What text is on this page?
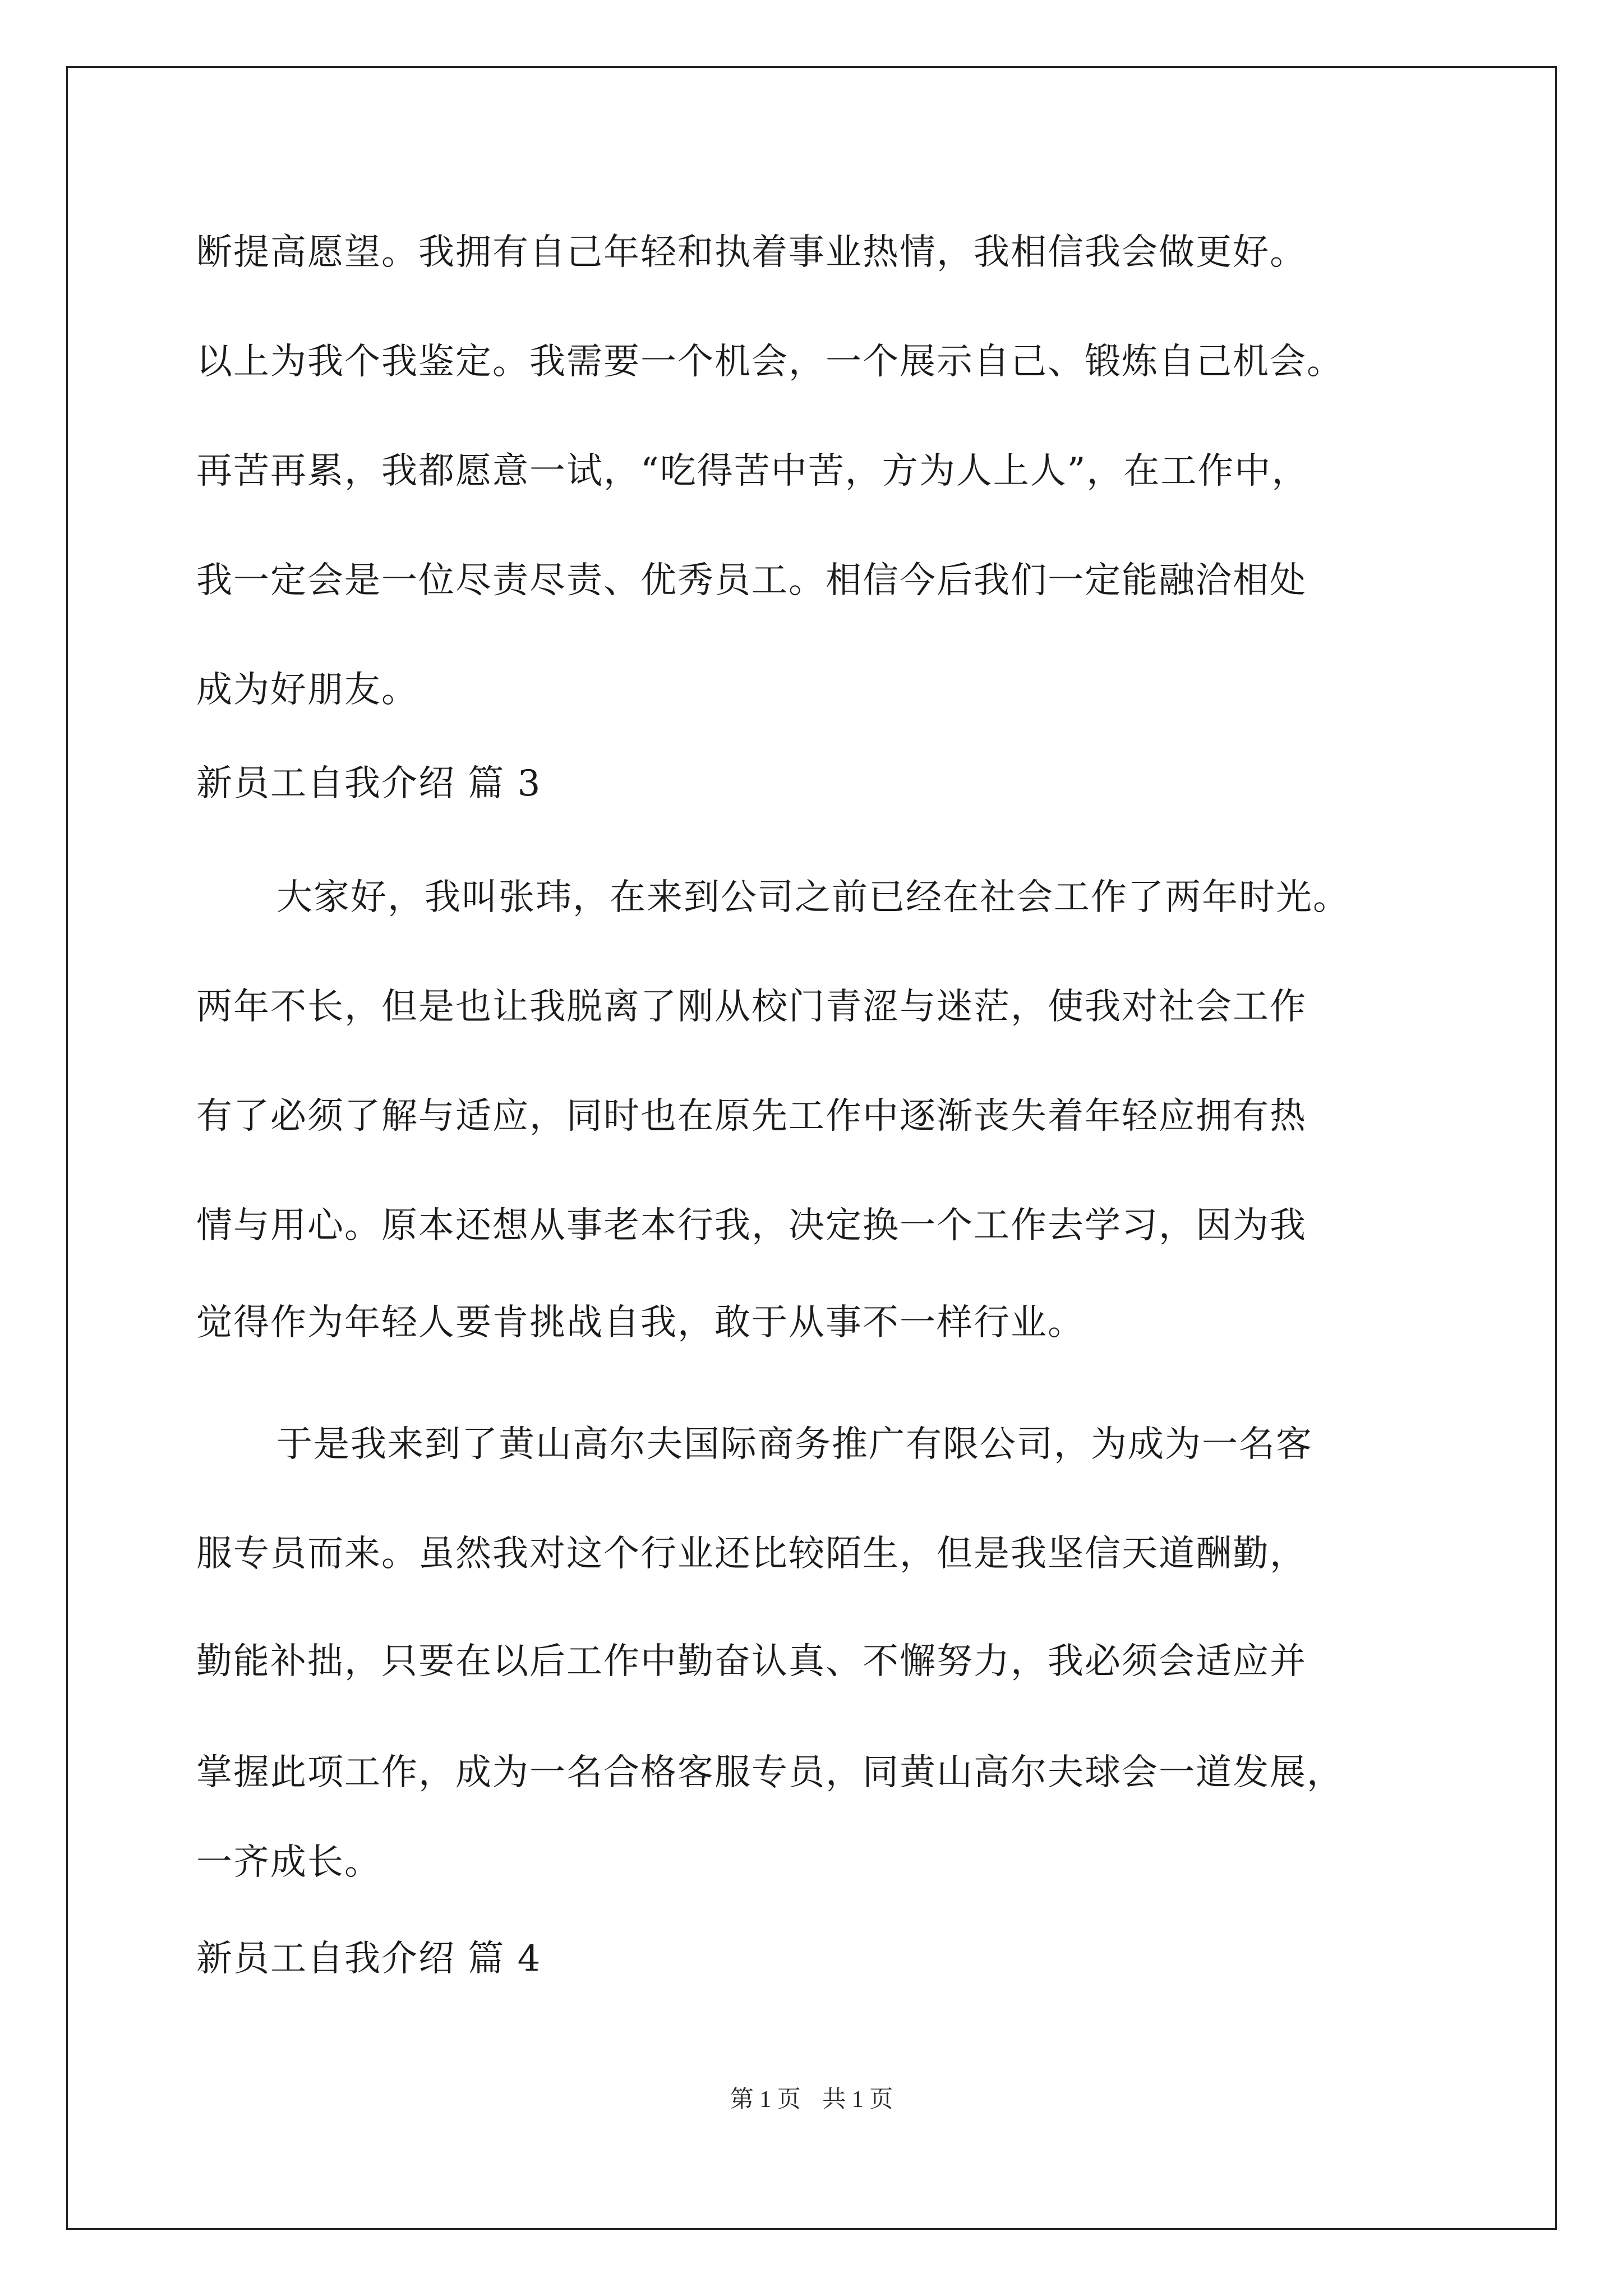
断提高愿望。我拥有自己年轻和执着事业热情，我相信我会做更好。
以上为我个我鉴定。我需要一个机会，一个展示自己、锻炼自己机会。
再苦再累，我都愿意一试，“吃得苦中苦，方为人上人”，在工作中，
我一定会是一位尽责尽责、优秀员工。相信今后我们一定能融洽相处
成为好朋友。
新员工自我介绍 篇 3
大家好，我叫张玮，在来到公司之前已经在社会工作了两年时光。
两年不长，但是也让我脱离了刚从校门青涩与迷茫，使我对社会工作
有了必须了解与适应，同时也在原先工作中逐渐丧失着年轻应拥有热
情与用心。原本还想从事老本行我，决定换一个工作去学习，因为我
觉得作为年轻人要肯挑战自我，敢于从事不一样行业。
于是我来到了黄山高尔夫国际商务推广有限公司，为成为一名客
服专员而来。虽然我对这个行业还比较陌生，但是我坚信天道酬勤，
勤能补拙，只要在以后工作中勤奋认真、不懈努力，我必须会适应并
掌握此项工作，成为一名合格客服专员，同黄山高尔夫球会一道发展，
一齐成长。
新员工自我介绍 篇 4
第 1 页 共 1 页
